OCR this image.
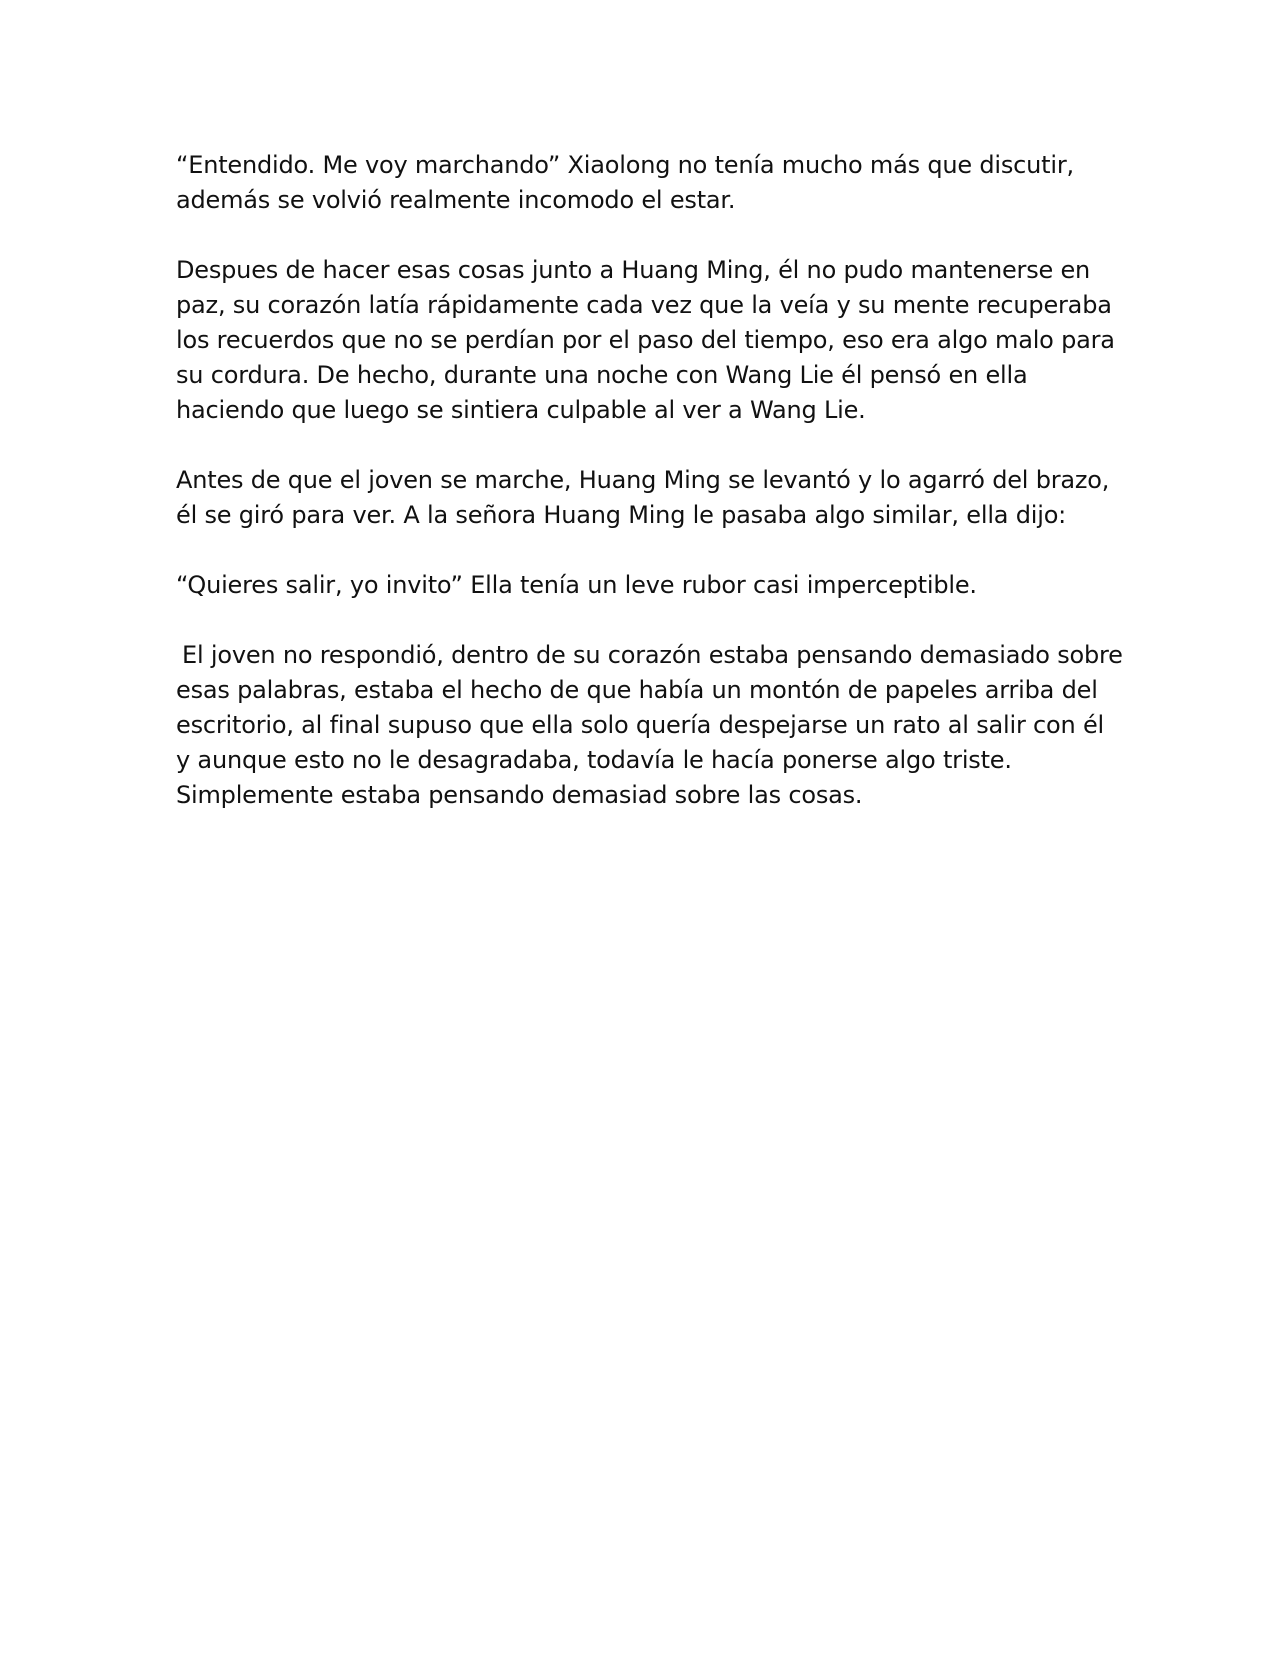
“Entendido. Me voy marchando” Xiaolong no tenía mucho más que discutir,
además se volvió realmente incomodo el estar.

Despues de hacer esas cosas junto a Huang Ming, él no pudo mantenerse en
paz, su corazón latía rápidamente cada vez que la veía y su mente recuperaba
los recuerdos que no se perdían por el paso del tiempo, eso era algo malo para
su cordura. De hecho, durante una noche con Wang Lie él pensó en ella
haciendo que luego se sintiera culpable al ver a Wang Lie.

Antes de que el joven se marche, Huang Ming se levantó y lo agarró del brazo,
él se giró para ver. A la señora Huang Ming le pasaba algo similar, ella dijo:

“Quieres salir, yo invito” Ella tenía un leve rubor casi imperceptible.

El joven no respondió, dentro de su corazón estaba pensando demasiado sobre
esas palabras, estaba el hecho de que había un montón de papeles arriba del
escritorio, al final supuso que ella solo quería despejarse un rato al salir con él
y aunque esto no le desagradaba, todavía le hacía ponerse algo triste.
Simplemente estaba pensando demasiad sobre las cosas.
